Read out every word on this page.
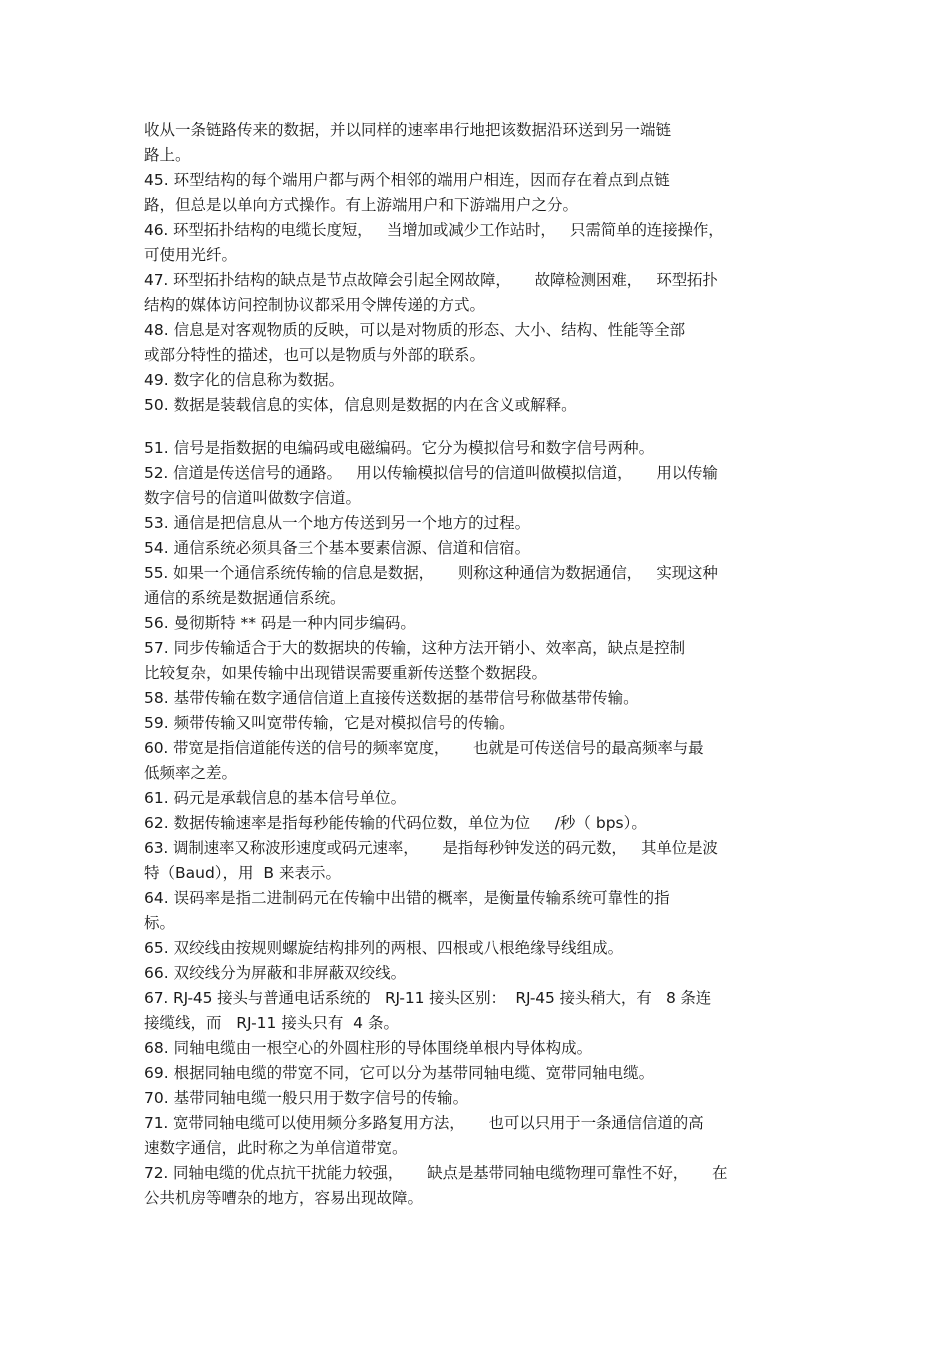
收从一条链路传来的数据，并以同样的速率串行地把该数据沿环送到另一端链
路上。
45. 环型结构的每个端用户都与两个相邻的端用户相连，因而存在着点到点链
路，但总是以单向方式操作。有上游端用户和下游端用户之分。
46. 环型拓扑结构的电缆长度短，   当增加或减少工作站时，   只需简单的连接操作，
可使用光纤。
47. 环型拓扑结构的缺点是节点故障会引起全网故障，     故障检测困难，   环型拓扑
结构的媒体访问控制协议都采用令牌传递的方式。
48. 信息是对客观物质的反映，可以是对物质的形态、大小、结构、性能等全部
或部分特性的描述，也可以是物质与外部的联系。
49. 数字化的信息称为数据。
50. 数据是装载信息的实体，信息则是数据的内在含义或解释。
51. 信号是指数据的电编码或电磁编码。它分为模拟信号和数字信号两种。
52. 信道是传送信号的通路。   用以传输模拟信号的信道叫做模拟信道，     用以传输
数字信号的信道叫做数字信道。
53. 通信是把信息从一个地方传送到另一个地方的过程。
54. 通信系统必须具备三个基本要素信源、信道和信宿。
55. 如果一个通信系统传输的信息是数据，     则称这种通信为数据通信，   实现这种
通信的系统是数据通信系统。
56. 曼彻斯特 ** 码是一种内同步编码。
57. 同步传输适合于大的数据块的传输，这种方法开销小、效率高，缺点是控制
比较复杂，如果传输中出现错误需要重新传送整个数据段。
58. 基带传输在数字通信信道上直接传送数据的基带信号称做基带传输。
59. 频带传输又叫宽带传输，它是对模拟信号的传输。
60. 带宽是指信道能传送的信号的频率宽度，     也就是可传送信号的最高频率与最
低频率之差。
61. 码元是承载信息的基本信号单位。
62. 数据传输速率是指每秒能传输的代码位数，单位为位     /秒（ bps）。
63. 调制速率又称波形速度或码元速率，     是指每秒钟发送的码元数，   其单位是波
特（Baud），用  B 来表示。
64. 误码率是指二进制码元在传输中出错的概率，是衡量传输系统可靠性的指
标。
65. 双绞线由按规则螺旋结构排列的两根、四根或八根绝缘导线组成。
66. 双绞线分为屏蔽和非屏蔽双绞线。
67. RJ-45 接头与普通电话系统的   RJ-11 接头区别：  RJ-45 接头稍大，有   8 条连
接缆线，而   RJ-11 接头只有  4 条。
68. 同轴电缆由一根空心的外圆柱形的导体围绕单根内导体构成。
69. 根据同轴电缆的带宽不同，它可以分为基带同轴电缆、宽带同轴电缆。
70. 基带同轴电缆一般只用于数字信号的传输。
71. 宽带同轴电缆可以使用频分多路复用方法，     也可以只用于一条通信信道的高
速数字通信，此时称之为单信道带宽。
72. 同轴电缆的优点抗干扰能力较强，     缺点是基带同轴电缆物理可靠性不好，     在
公共机房等嘈杂的地方，容易出现故障。
